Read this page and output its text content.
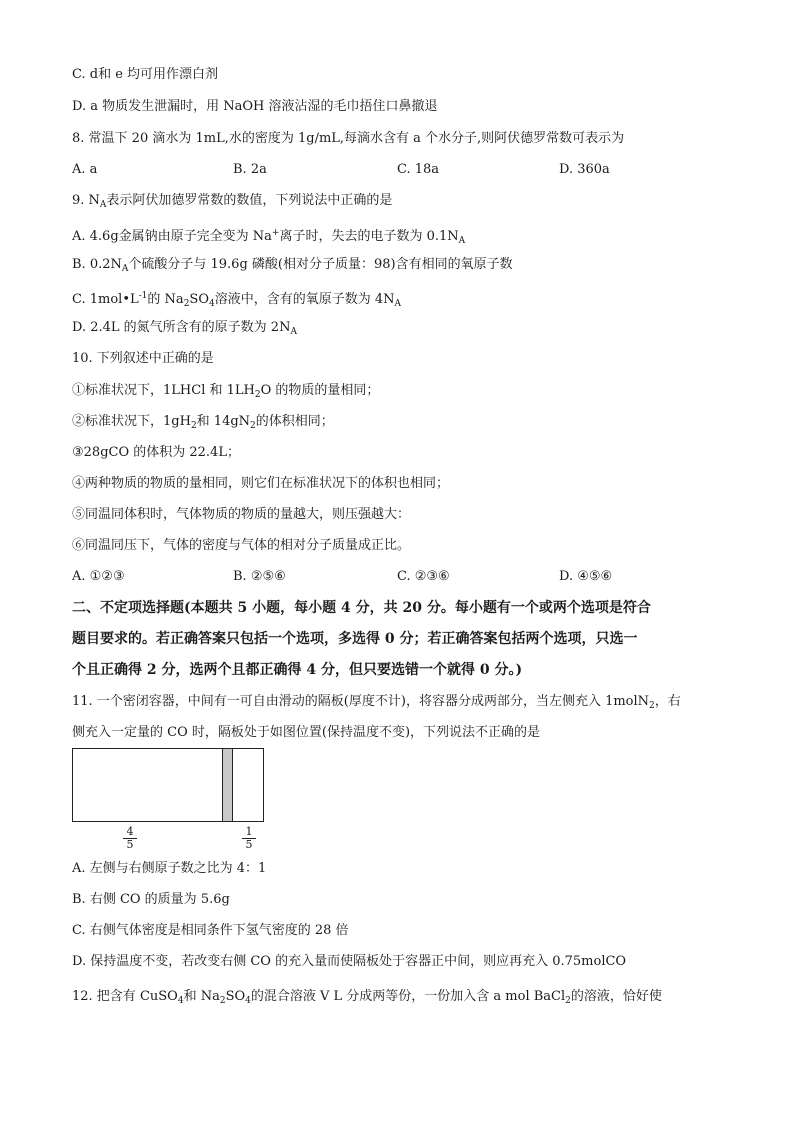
C. d和 e 均可用作漂白剂
D. a 物质发生泄漏时，用 NaOH 溶液沾湿的毛巾捂住口鼻撤退
8. 常温下 20 滴水为 1mL,水的密度为 1g/mL,每滴水含有 a 个水分子,则阿伏德罗常数可表示为
A. a	B. 2a	C. 18a	D. 360a
9. $N_A$表示阿伏加德罗常数的数值，下列说法中正确的是
A. 4.6g金属钠由原子完全变为 Na+离子时，失去的电子数为 $0.1N_A$
B. $0.2N_A$个硫酸分子与 19.6g 磷酸(相对分子质量：98)含有相同的氧原子数
C. $1mol•L^{-1}$的 $Na_2SO_4$溶液中，含有的氧原子数为 $4N_A$
D. 2.4L 的氮气所含有的原子数为 $2N_A$
10. 下列叙述中正确的是
①标准状况下，1LHCl 和 $1LH_2O$ 的物质的量相同；
②标准状况下，$1gH_2$和 $14gN_2$的体积相同；
③28gCO 的体积为 22.4L；
④两种物质的物质的量相同，则它们在标准状况下的体积也相同；
⑤同温同体积时，气体物质的物质的量越大，则压强越大：
⑥同温同压下，气体的密度与气体的相对分子质量成正比。
A. ①②③	B. ②⑤⑥	C. ②③⑥	D. ④⑤⑥
二、不定项选择题(本题共 5 小题，每小题 4 分，共 20 分。每小题有一个或两个选项是符合
题目要求的。若正确答案只包括一个选项，多选得 0 分；若正确答案包括两个选项，只选一
个且正确得 2 分，选两个且都正确得 4 分，但只要选错一个就得 0 分。)
11. 一个密闭容器，中间有一可自由滑动的隔板(厚度不计)，将容器分成两部分，当左侧充入 1molN$_2$，右
侧充入一定量的 CO 时，隔板处于如图位置(保持温度不变)，下列说法不正确的是
$\frac{4}{5}$	$\frac{1}{5}$
A. 左侧与右侧原子数之比为 4：1
B. 右侧 CO 的质量为 5.6g
C. 右侧气体密度是相同条件下氢气密度的 28 倍
D. 保持温度不变，若改变右侧 CO 的充入量而使隔板处于容器正中间，则应再充入 0.75molCO
12. 把含有 CuSO$_4$和 $Na_2SO_4$的混合溶液 V L 分成两等份，一份加入含 a mol BaCl$_2$的溶液，恰好使
